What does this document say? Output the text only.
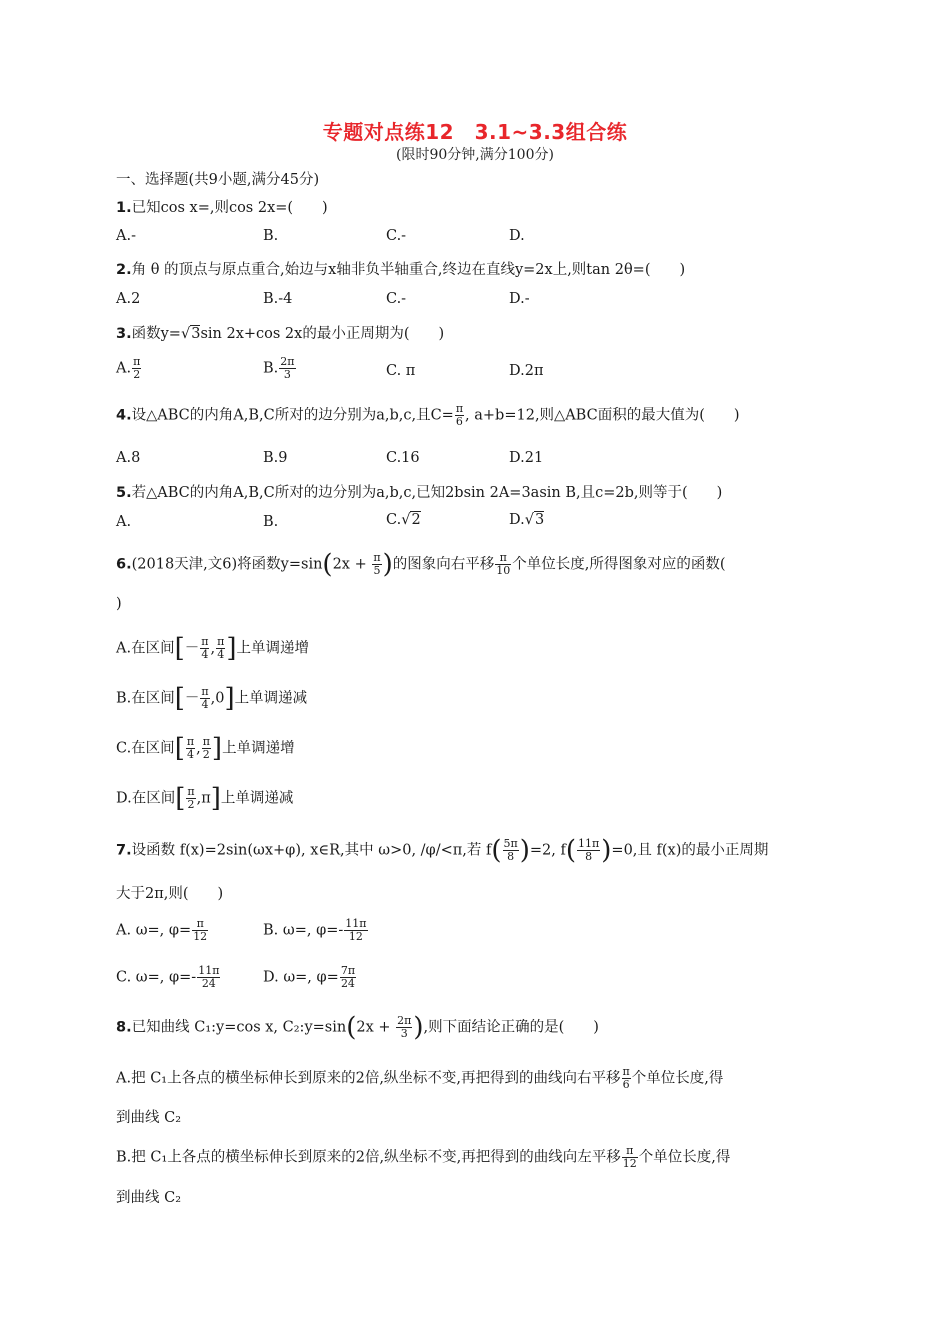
专题对点练12　3.1~3.3组合练
(限时90分钟,满分100分)
一、选择题(共9小题,满分45分)
1.已知cos x=,则cos 2x=(　　)
A.-	B.	C.-	D.
2.角 θ 的顶点与原点重合,始边与x轴非负半轴重合,终边在直线y=2x上,则tan 2θ=(　　)
A.2	B.-4	C.-	D.-
3.函数y=√3sin 2x+cos 2x的最小正周期为(　　)
A. $\frac{\pi}{2}$	B. $\frac{2\pi}{3}$	C. π	D.2π
4.设△ABC的内角A,B,C所对的边分别为a,b,c,且$C= \frac{\pi}{6}$ , a+b=12,则△ABC面积的最大值为(　　)
A.8	B.9	C.16	D.21
5.若△ABC的内角A,B,C所对的边分别为a,b,c,已知2bsin 2A=3asin B,且c=2b,则等于(　　)
A.	B.	C.√2	D.√3
6.(2018天津,文6)将函数$y=\sin(2x + \frac{\pi}{5}$ )的图象向右平移 $\frac{\pi}{10}$ 个单位长度,所得图象对应的函数(
)
A.在区间[－ $\frac{\pi}{4}$ , $\frac{\pi}{4}$ ]上单调递增
B.在区间[－ $\frac{\pi}{4} ,0$]上单调递减
C.在区间[ $\frac{\pi}{4}$ , $\frac{\pi}{2}$ ]上单调递增
D.在区间[ $\frac{\pi}{2} ,\pi$]上单调递减
7.设函数 f(x)=2sin(ωx+φ), x∈R,其中 ω>0, /φ/<π,若 $f( \frac{5\pi}{8} )=2$, $f( \frac{11\pi}{8} )=0$,且 f(x)的最小正周期
大于2π,则(　　)
A. ω=, $\varphi= \frac{\pi}{12}$	B. ω=, $\varphi=- \frac{11\pi}{12}$
C. ω=, $\varphi=- \frac{11\pi}{24}$	D. ω=, $\varphi= \frac{7\pi}{24}$
8.已知曲线 C₁:y=cos x, C₂:y=sin(2x + $\frac{2\pi}{3}$ ),则下面结论正确的是(　　)
A.把 C₁上各点的横坐标伸长到原来的2倍,纵坐标不变,再把得到的曲线向右平移 $\frac{\pi}{6}$ 个单位长度,得
到曲线 C₂
B.把 C₁上各点的横坐标伸长到原来的2倍,纵坐标不变,再把得到的曲线向左平移 $\frac{\pi}{12}$ 个单位长度,得
到曲线 C₂
